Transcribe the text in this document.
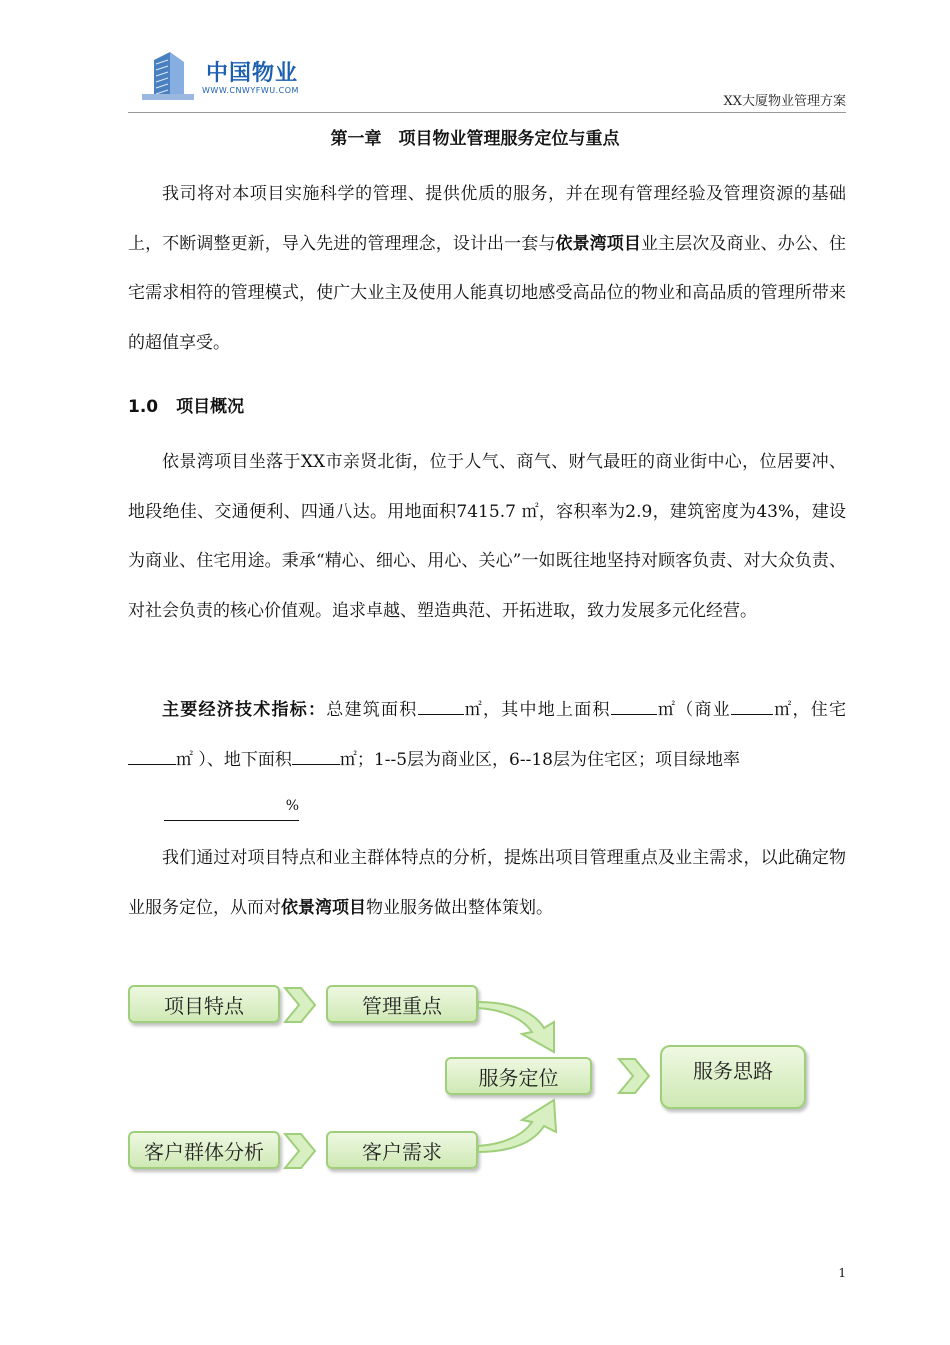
中国物业
WWW.CNWYFWU.COM
XX大厦物业管理方案
第一章　项目物业管理服务定位与重点

我司将对本项目实施科学的管理、提供优质的服务，并在现有管理经验及管理资源的基础上，不断调整更新，导入先进的管理理念，设计出一套与依景湾项目业主层次及商业、办公、住宅需求相符的管理模式，使广大业主及使用人能真切地感受高品位的物业和高品质的管理所带来的超值享受。

1.0 项目概况

依景湾项目坐落于XX市亲贤北街，位于人气、商气、财气最旺的商业街中心，位居要冲、地段绝佳、交通便利、四通八达。用地面积7415.7 ㎡，容积率为2.9，建筑密度为43%，建设为商业、住宅用途。秉承“精心、细心、用心、关心”一如既往地坚持对顾客负责、对大众负责、对社会负责的核心价值观。追求卓越、塑造典范、开拓进取，致力发展多元化经营。

主要经济技术指标：总建筑面积	㎡，其中地上面积	㎡（商业 ㎡，住宅㎡ ）、地下面积	㎡；1--5层为商业区，6--18层为住宅区；项目绿地率

%

我们通过对项目特点和业主群体特点的分析，提炼出项目管理重点及业主需求，以此确定物业服务定位，从而对依景湾项目物业服务做出整体策划。

项目特点	管理重点
服务定位	服务思路
客户群体分析	客户需求
1
